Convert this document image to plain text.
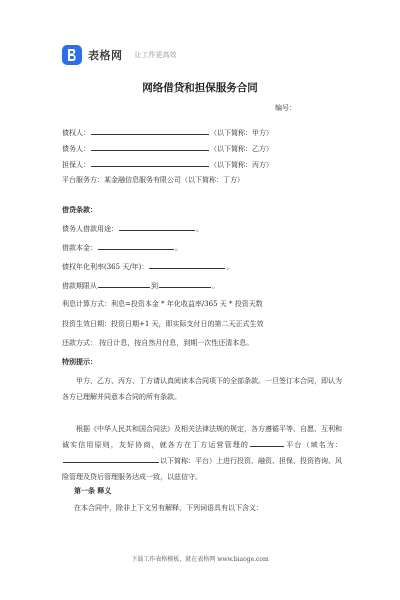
表格网 让工作更高效
网络借贷和担保服务合同
编号：
债权人：	（以下简称：甲方）
债务人：	（以下简称：乙方）
担保人：	（以下简称：丙方）
平台服务方：某金融信息服务有限公司（以下简称：丁方）
借贷条款：
债务人借款用途：	。
借款本金：	。
债权年化利率(365 天/年)：	。
借款期限从	到	。
利息计算方式：利息=投资本金 * 年化收益率/365 天 * 投资天数
投资生效日期：投资日期+1 天，即实际支付日的第二天正式生效
还款方式： 按日计息，按自然月付息，到期一次性还清本息。
特别提示：
甲方、乙方、丙方、丁方请认真阅读本合同项下的全部条款。一旦签订本合同，即认为各方已理解并同意本合同的所有条款。
根据《中华人民共和国合同法》及相关法律法规的规定，各方遵循平等、自愿、互利和诚实信用原则，友好协商，就各方在丁方运营管理的	平台（域名为：以下简称：平台）上进行投资、融资、担保、投资咨询、风险管理及贷后管理服务达成一致，以兹信守。
第一条 释义
在本合同中，除非上下文另有解释，下列词语具有以下含义：
下载工作表格模板，就在表格网 www.biaoge.com
